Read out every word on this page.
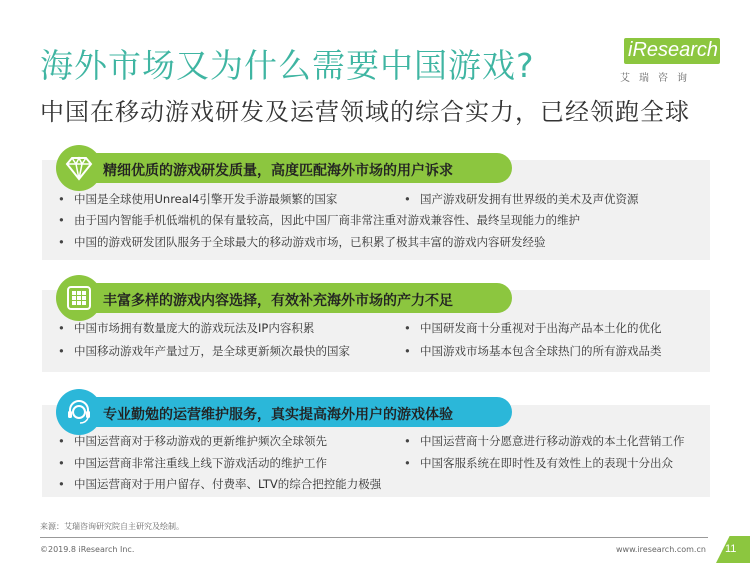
海外市场又为什么需要中国游戏?
中国在移动游戏研发及运营领域的综合实力，已经领跑全球
iResearch
艾瑞咨询
精细优质的游戏研发质量，高度匹配海外市场的用户诉求
• 中国是全球使用Unreal4引擎开发手游最频繁的国家	• 国产游戏研发拥有世界级的美术及声优资源
• 由于国内智能手机低端机的保有量较高，因此中国厂商非常注重对游戏兼容性、最终呈现能力的维护
• 中国的游戏研发团队服务于全球最大的移动游戏市场，已积累了极其丰富的游戏内容研发经验
丰富多样的游戏内容选择，有效补充海外市场的产力不足
• 中国市场拥有数量庞大的游戏玩法及IP内容积累	• 中国研发商十分重视对于出海产品本土化的优化
• 中国移动游戏年产量过万，是全球更新频次最快的国家	• 中国游戏市场基本包含全球热门的所有游戏品类
专业勤勉的运营维护服务，真实提高海外用户的游戏体验
• 中国运营商对于移动游戏的更新维护频次全球领先	• 中国运营商十分愿意进行移动游戏的本土化营销工作
• 中国运营商非常注重线上线下游戏活动的维护工作	• 中国客服系统在即时性及有效性上的表现十分出众
• 中国运营商对于用户留存、付费率、LTV的综合把控能力极强
来源：艾瑞咨询研究院自主研究及绘制。
©2019.8 iResearch Inc.	www.iresearch.com.cn 11
